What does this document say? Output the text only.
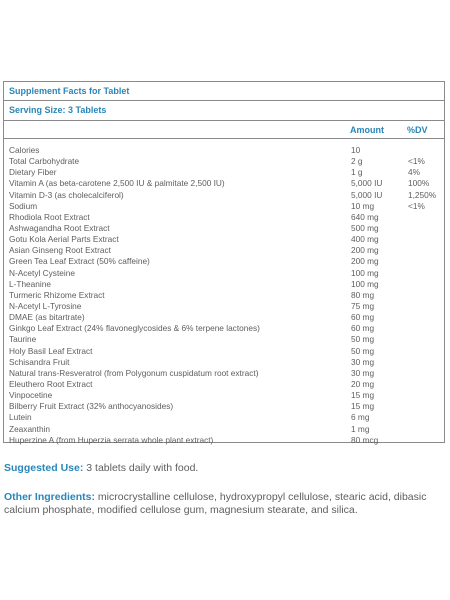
Supplement Facts for Tablet
Serving Size: 3 Tablets
Amount	%DV
Calories	10
Total Carbohydrate	2 g	<1%
Dietary Fiber	1 g	4%
Vitamin A (as beta-carotene 2,500 IU & palmitate 2,500 IU)	5,000 IU	100%
Vitamin D-3 (as cholecalciferol)	5,000 IU	1,250%
Sodium	10 mg	<1%
Rhodiola Root Extract	640 mg
Ashwagandha Root Extract	500 mg
Gotu Kola Aerial Parts Extract	400 mg
Asian Ginseng Root Extract	200 mg
Green Tea Leaf Extract (50% caffeine)	200 mg
N-Acetyl Cysteine	100 mg
L-Theanine	100 mg
Turmeric Rhizome Extract	80 mg
N-Acetyl L-Tyrosine	75 mg
DMAE (as bitartrate)	60 mg
Ginkgo Leaf Extract (24% flavoneglycosides & 6% terpene lactones)	60 mg
Taurine	50 mg
Holy Basil Leaf Extract	50 mg
Schisandra Fruit	30 mg
Natural trans-Resveratrol (from Polygonum cuspidatum root extract)	30 mg
Eleuthero Root Extract	20 mg
Vinpocetine	15 mg
Bilberry Fruit Extract (32% anthocyanosides)	15 mg
Lutein	6 mg
Zeaxanthin	1 mg
Huperzine A (from Huperzia serrata whole plant extract)	80 mcg
Suggested Use: 3 tablets daily with food.
Other Ingredients: microcrystalline cellulose, hydroxypropyl cellulose, stearic acid, dibasic calcium phosphate, modified cellulose gum, magnesium stearate, and silica.
